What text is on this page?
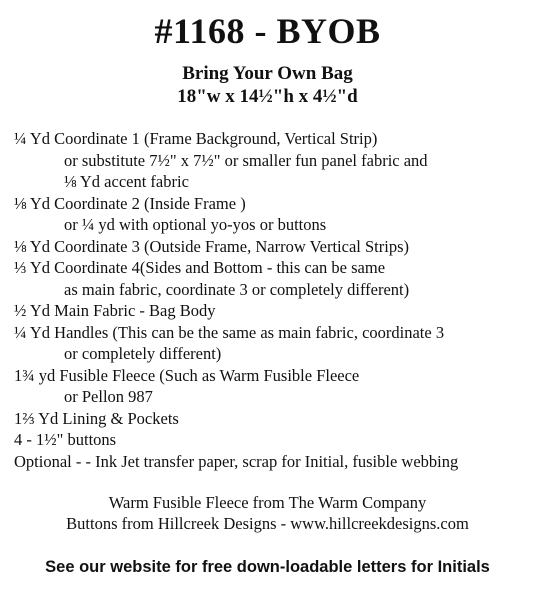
#1168 - BYOB
Bring Your Own Bag
18"w x 14½"h x 4½"d
¼ Yd Coordinate 1 (Frame Background, Vertical Strip)
or substitute 7½" x 7½" or smaller fun panel fabric and
⅛ Yd accent fabric
⅛ Yd Coordinate 2 (Inside Frame )
or ¼ yd with optional yo-yos or buttons
⅛ Yd Coordinate 3 (Outside Frame, Narrow Vertical Strips)
⅓ Yd Coordinate 4(Sides and Bottom - this can be same
as main fabric, coordinate 3 or completely different)
½ Yd Main Fabric - Bag Body
¼ Yd Handles (This can be the same as main fabric, coordinate 3
or completely different)
1¾ yd Fusible Fleece (Such as Warm Fusible Fleece
or Pellon 987
1⅔ Yd Lining & Pockets
4 - 1½" buttons
Optional - - Ink Jet transfer paper, scrap for Initial, fusible webbing
Warm Fusible Fleece from The Warm Company
Buttons from Hillcreek Designs - www.hillcreekdesigns.com
See our website for free down-loadable letters for Initials
